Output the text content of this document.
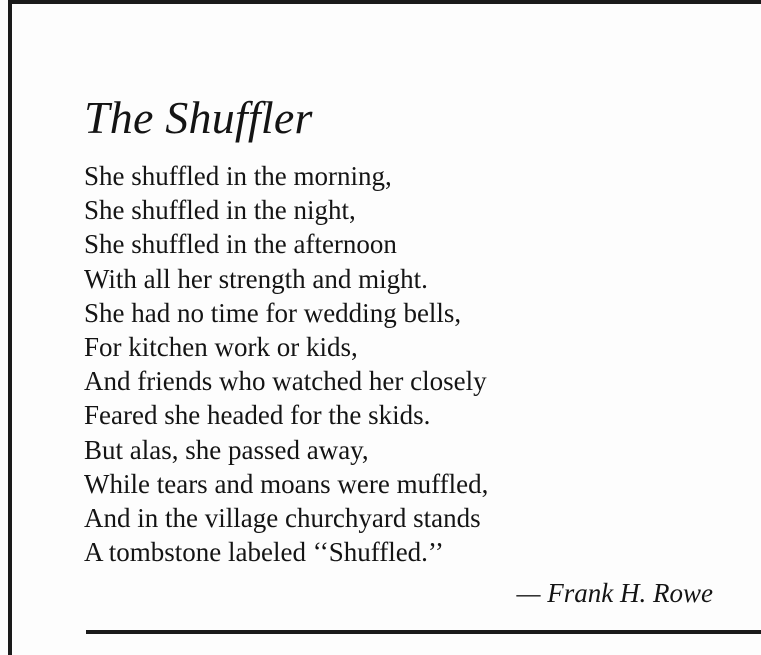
The Shuffler
She shuffled in the morning,
She shuffled in the night,
She shuffled in the afternoon
With all her strength and might.
She had no time for wedding bells,
For kitchen work or kids,
And friends who watched her closely
Feared she headed for the skids.
But alas, she passed away,
While tears and moans were muffled,
And in the village churchyard stands
A tombstone labeled ‘‘Shuffled.’’
— Frank H. Rowe
